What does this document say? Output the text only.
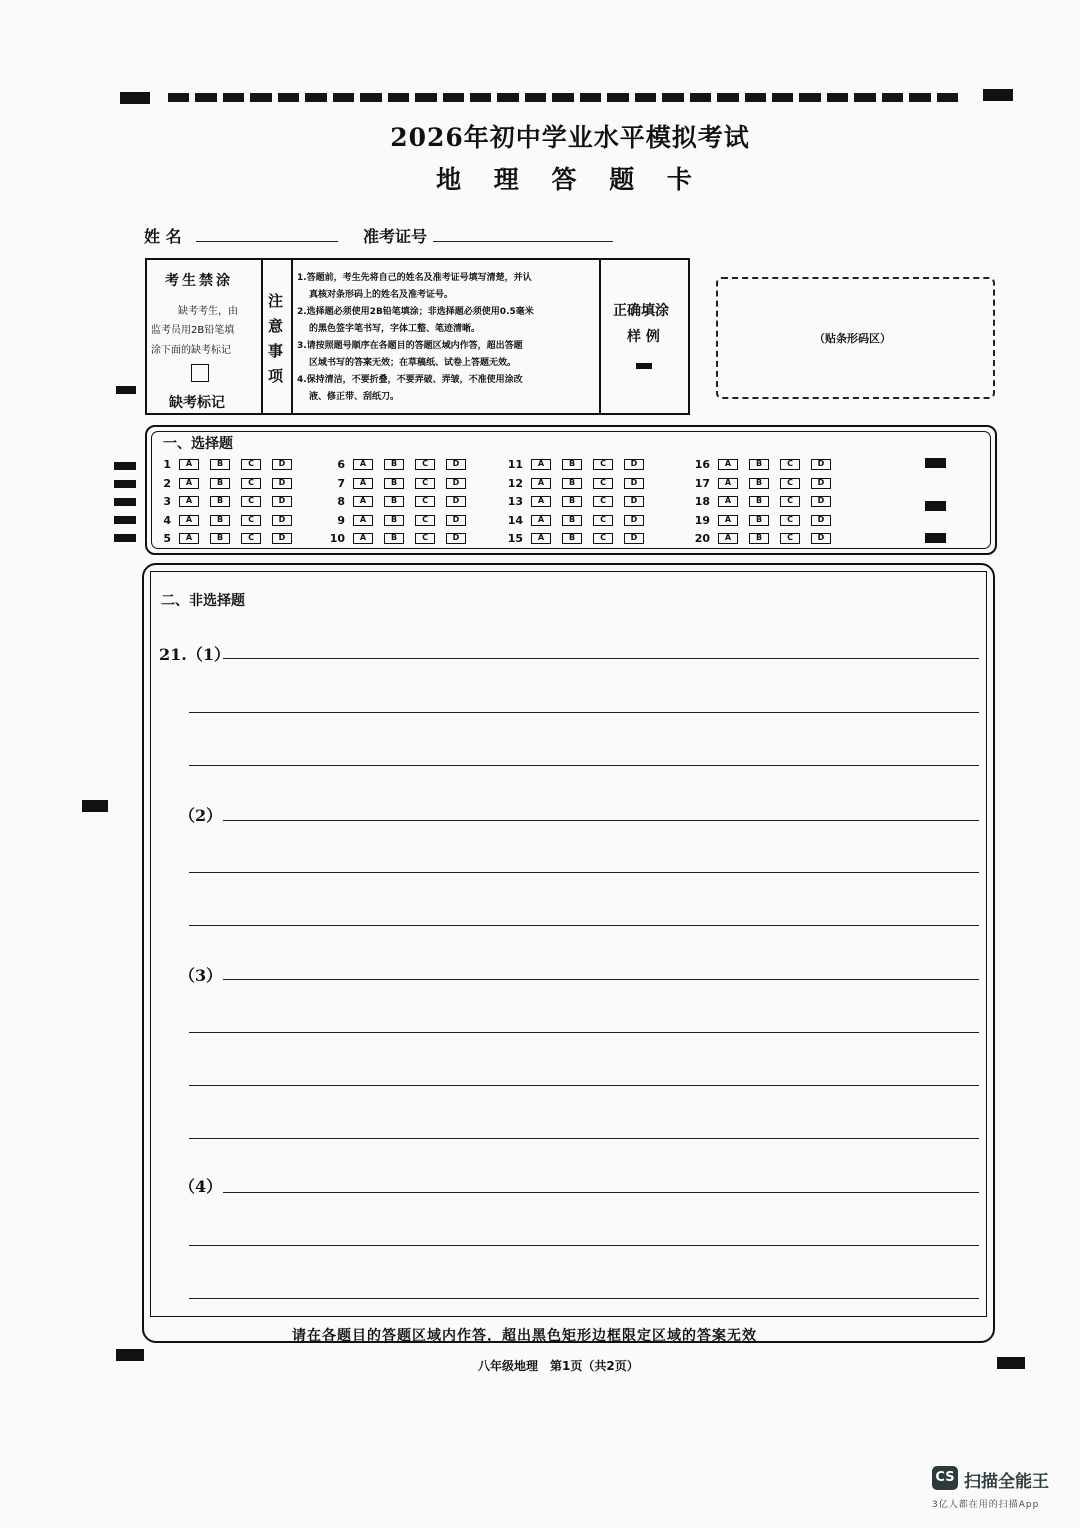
2026年初中学业水平模拟考试
地 理 答 题 卡
姓 名	准考证号
考生禁涂
缺考考生，由
监考员用2B铅笔填
涂下面的缺考标记
缺考标记
注
意
事
项
1.答题前，考生先将自己的姓名及准考证号填写清楚，并认
真核对条形码上的姓名及准考证号。
2.选择题必须使用2B铅笔填涂；非选择题必须使用0.5毫米
的黑色签字笔书写，字体工整、笔迹清晰。
3.请按照题号顺序在各题目的答题区域内作答，超出答题
区域书写的答案无效；在草稿纸、试卷上答题无效。
4.保持清洁，不要折叠，不要弄破、弄皱，不准使用涂改
液、修正带、刮纸刀。
正确填涂
样 例	（贴条形码区）
一、选择题
1	A	B	C	D
2	A	B	C	D
3	A	B	C	D
4	A	B	C	D
5	A	B	C	D
6	A	B	C	D
7	A	B	C	D
8	A	B	C	D
9	A	B	C	D
10	A	B	C	D
11	A	B	C	D
12	A	B	C	D
13	A	B	C	D
14	A	B	C	D
15	A	B	C	D
16	A	B	C	D
17	A	B	C	D
18	A	B	C	D
19	A	B	C	D
20	A	B	C	D
二、非选择题
21.（1）
（2）
（3）
（4）
请在各题目的答题区域内作答，超出黑色矩形边框限定区域的答案无效
八年级地理　第1页（共2页）
CS 扫描全能王
3亿人都在用的扫描App
